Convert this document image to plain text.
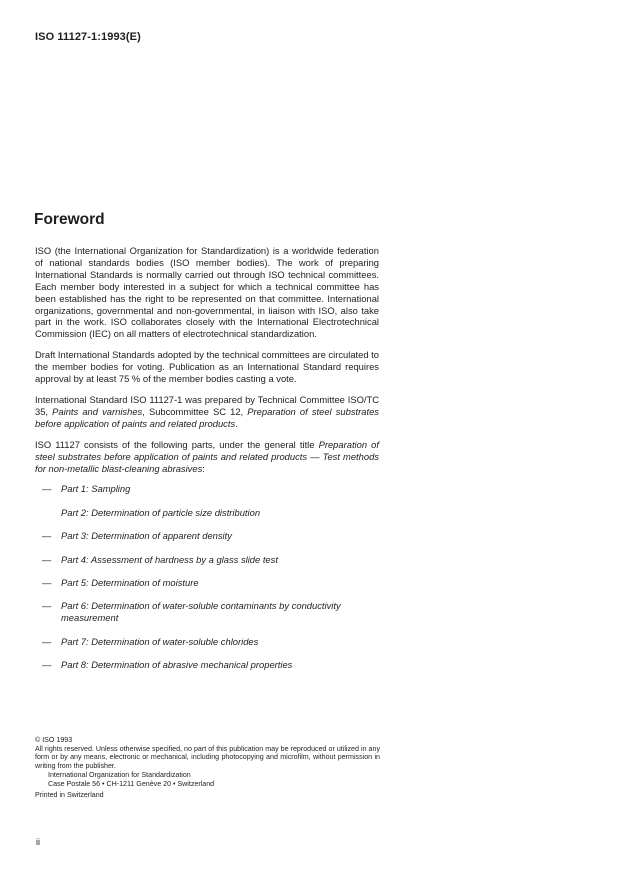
ISO 11127-1:1993(E)
Foreword

ISO (the International Organization for Standardization) is a worldwide federation of national standards bodies (ISO member bodies). The work of preparing International Standards is normally carried out through ISO technical committees. Each member body interested in a subject for which a technical committee has been established has the right to be represented on that committee. International organizations, governmental and non-governmental, in liaison with ISO, also take part in the work. ISO collaborates closely with the International Electrotechnical Commission (IEC) on all matters of electrotechnical standardization.

Draft International Standards adopted by the technical committees are circulated to the member bodies for voting. Publication as an International Standard requires approval by at least 75 % of the member bodies casting a vote.

International Standard ISO 11127-1 was prepared by Technical Committee ISO/TC 35, Paints and varnishes, Subcommittee SC 12, Preparation of steel substrates before application of paints and related products.

ISO 11127 consists of the following parts, under the general title Preparation of steel substrates before application of paints and related products — Test methods for non-metallic blast-cleaning abrasives:

— Part 1: Sampling
Part 2: Determination of particle size distribution
— Part 3: Determination of apparent density
— Part 4: Assessment of hardness by a glass slide test
— Part 5: Determination of moisture
— Part 6: Determination of water-soluble contaminants by conductivity measurement
— Part 7: Determination of water-soluble chlorides
— Part 8: Determination of abrasive mechanical properties

© ISO 1993

All rights reserved. Unless otherwise specified, no part of this publication may be reproduced or utilized in any form or by any means, electronic or mechanical, including photocopying and microfilm, without permission in writing from the publisher.

International Organization for Standardization

Case Postale 56 • CH-1211 Genève 20 • Switzerland

Printed in Switzerland

ii
